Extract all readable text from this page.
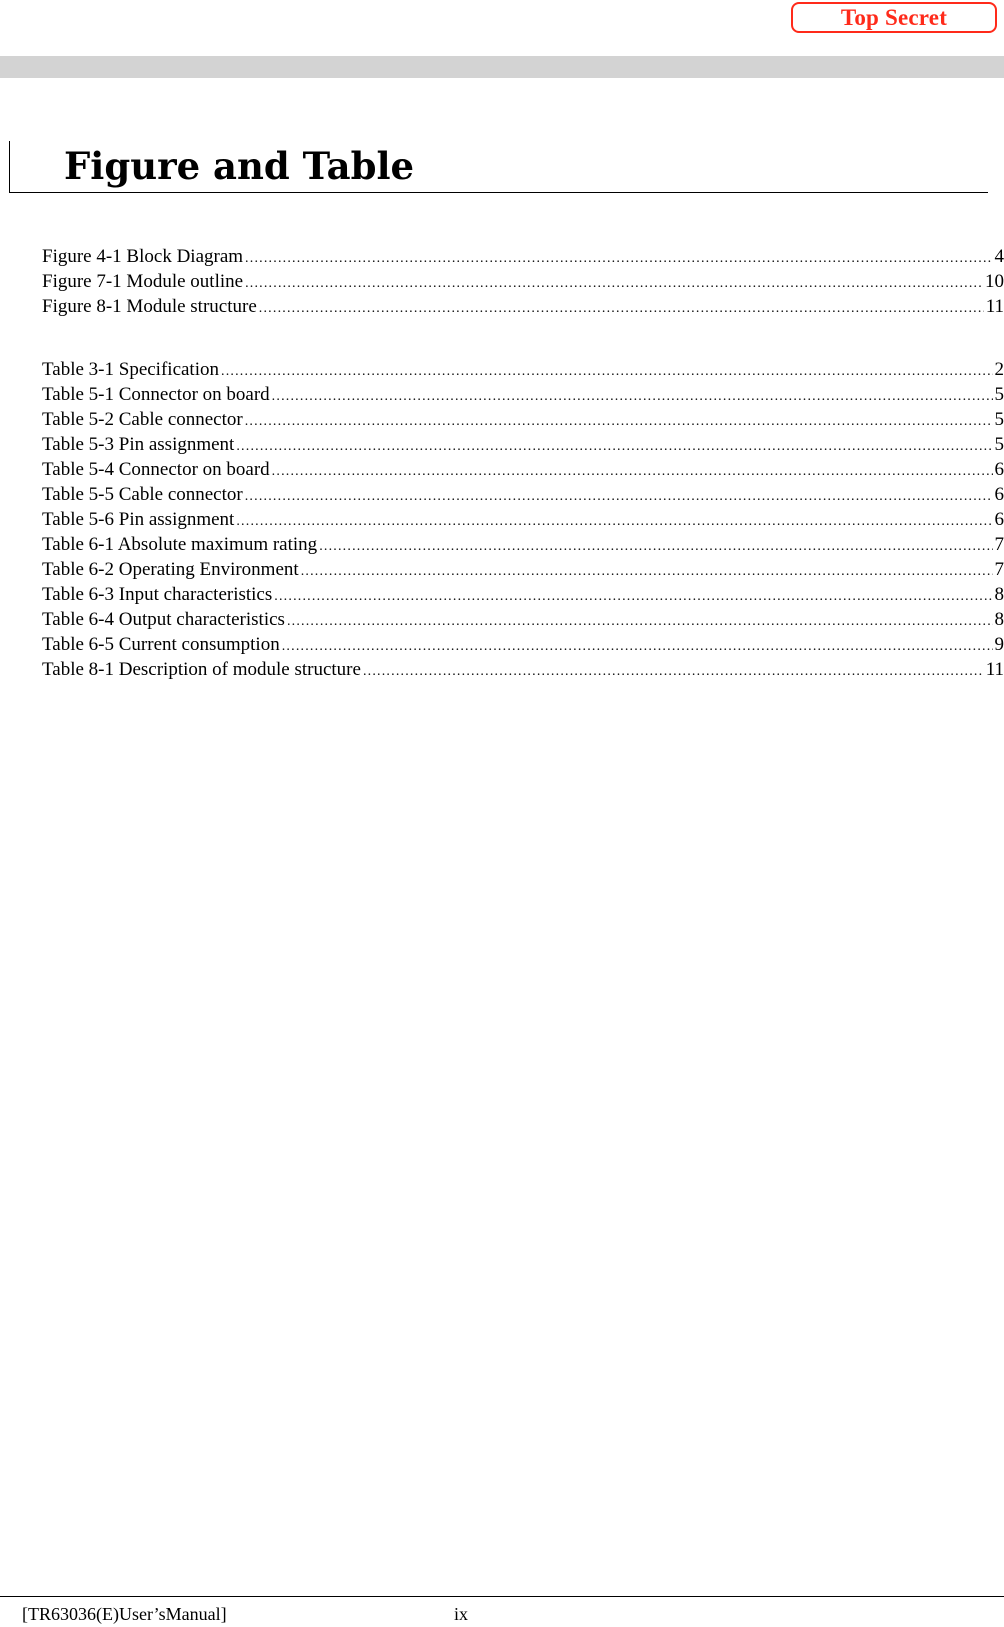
Top Secret
Figure and Table
Figure 4-1 Block Diagram .....	4
Figure 7-1 Module outline .....	10
Figure 8-1 Module structure .....	11
Table 3-1 Specification .....	2
Table 5-1 Connector on board .....	5
Table 5-2 Cable connector .....	5
Table 5-3 Pin assignment .....	5
Table 5-4 Connector on board .....	6
Table 5-5 Cable connector .....	6
Table 5-6 Pin assignment .....	6
Table 6-1 Absolute maximum rating .....	7
Table 6-2 Operating Environment .....	7
Table 6-3 Input characteristics .....	8
Table 6-4 Output characteristics .....	8
Table 6-5 Current consumption .....	9
Table 8-1 Description of module structure .....	11
[TR63036(E)User’sManual]	ix
